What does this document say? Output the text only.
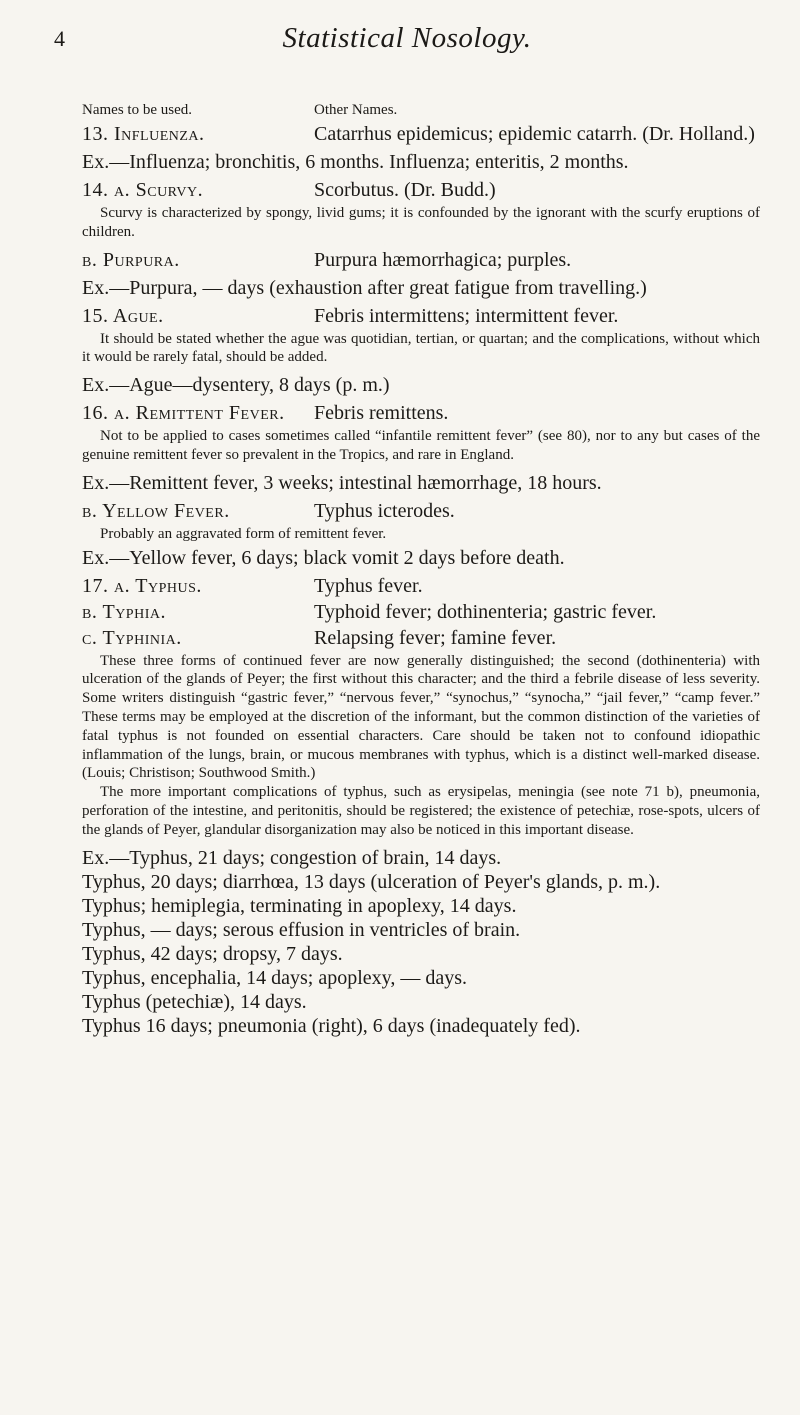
4	Statistical Nosology.
Names to be used.	Other Names.
13. Influenza.	Catarrhus epidemicus; epidemic catarrh. (Dr. Holland.)
Ex.—Influenza; bronchitis, 6 months. Influenza; enteritis, 2 months.
14. a. Scurvy.	Scorbutus. (Dr. Budd.)

Scurvy is characterized by spongy, livid gums; it is confounded by the ignorant with the scurfy eruptions of children.

b. Purpura.	Purpura hæmorrhagica; purples.
Ex.—Purpura, — days (exhaustion after great fatigue from travelling.)
15. Ague.	Febris intermittens; intermittent fever.

It should be stated whether the ague was quotidian, tertian, or quartan; and the complications, without which it would be rarely fatal, should be added.

Ex.—Ague—dysentery, 8 days (p. m.)
16. a. Remittent Fever.	Febris remittens.

Not to be applied to cases sometimes called “infantile remittent fever” (see 80), nor to any but cases of the genuine remittent fever so prevalent in the Tropics, and rare in England.

Ex.—Remittent fever, 3 weeks; intestinal hæmorrhage, 18 hours.
b. Yellow Fever.	Typhus icterodes.

Probably an aggravated form of remittent fever.

Ex.—Yellow fever, 6 days; black vomit 2 days before death.
17. a. Typhus.	Typhus fever.
b. Typhia.	Typhoid fever; dothinenteria; gastric fever.
c. Typhinia.	Relapsing fever; famine fever.

These three forms of continued fever are now generally distinguished; the second (dothinenteria) with ulceration of the glands of Peyer; the first without this character; and the third a febrile disease of less severity. Some writers distinguish “gastric fever,” “nervous fever,” “synochus,” “synocha,” “jail fever,” “camp fever.” These terms may be employed at the discretion of the informant, but the common distinction of the varieties of fatal typhus is not founded on essential characters. Care should be taken not to confound idiopathic inflammation of the lungs, brain, or mucous membranes with typhus, which is a distinct well-marked disease. (Louis; Christison; Southwood Smith.)

The more important complications of typhus, such as erysipelas, meningia (see note 71 b), pneumonia, perforation of the intestine, and peritonitis, should be registered; the existence of petechiæ, rose-spots, ulcers of the glands of Peyer, glandular disorganization may also be noticed in this important disease.

Ex.—Typhus, 21 days; congestion of brain, 14 days.
Typhus, 20 days; diarrhœa, 13 days (ulceration of Peyer's glands, p. m.).
Typhus; hemiplegia, terminating in apoplexy, 14 days.
Typhus, — days; serous effusion in ventricles of brain.
Typhus, 42 days; dropsy, 7 days.
Typhus, encephalia, 14 days; apoplexy, — days.
Typhus (petechiæ), 14 days.
Typhus 16 days; pneumonia (right), 6 days (inadequately fed).
